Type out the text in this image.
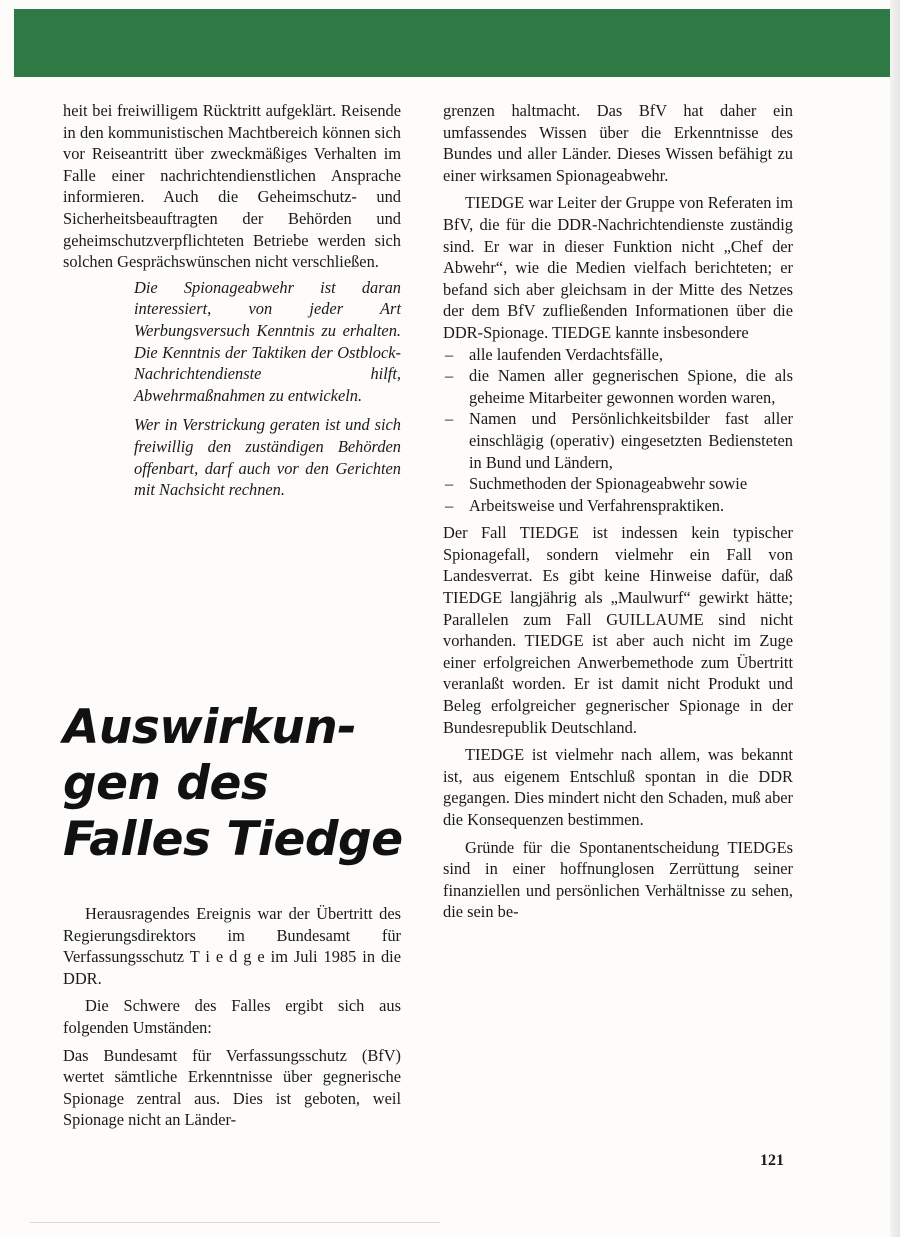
heit bei freiwilligem Rücktritt aufgeklärt. Reisende in den kommunistischen Machtbereich können sich vor Reiseantritt über zweckmäßiges Verhalten im Falle einer nachrichtendienstlichen Ansprache informieren. Auch die Geheimschutz- und Sicherheitsbeauftragten der Behörden und geheimschutzverpflichteten Betriebe werden sich solchen Gesprächswünschen nicht verschließen.

Die Spionageabwehr ist daran interessiert, von jeder Art Werbungsversuch Kenntnis zu erhalten. Die Kenntnis der Taktiken der Ostblock-Nachrichtendienste hilft, Abwehrmaßnahmen zu entwickeln.

Wer in Verstrickung geraten ist und sich freiwillig den zuständigen Behörden offenbart, darf auch vor den Gerichten mit Nachsicht rechnen.

Auswirkun-
gen des
Falles Tiedge

Herausragendes Ereignis war der Übertritt des Regierungsdirektors im Bundesamt für Verfassungsschutz T i e d g e im Juli 1985 in die DDR.

Die Schwere des Falles ergibt sich aus folgenden Umständen:

Das Bundesamt für Verfassungsschutz (BfV) wertet sämtliche Erkenntnisse über gegnerische Spionage zentral aus. Dies ist geboten, weil Spionage nicht an Länder-

grenzen haltmacht. Das BfV hat daher ein umfassendes Wissen über die Erkenntnisse des Bundes und aller Länder. Dieses Wissen befähigt zu einer wirksamen Spionageabwehr.

TIEDGE war Leiter der Gruppe von Referaten im BfV, die für die DDR-Nachrichtendienste zuständig sind. Er war in dieser Funktion nicht „Chef der Abwehr“, wie die Medien vielfach berichteten; er befand sich aber gleichsam in der Mitte des Netzes der dem BfV zufließenden Informationen über die DDR-Spionage. TIEDGE kannte insbesondere

– alle laufenden Verdachtsfälle,
– die Namen aller gegnerischen Spione, die als geheime Mitarbeiter gewonnen worden waren,
– Namen und Persönlichkeitsbilder fast aller einschlägig (operativ) eingesetzten Bediensteten in Bund und Ländern,
– Suchmethoden der Spionageabwehr sowie
– Arbeitsweise und Verfahrenspraktiken.

Der Fall TIEDGE ist indessen kein typischer Spionagefall, sondern vielmehr ein Fall von Landesverrat. Es gibt keine Hinweise dafür, daß TIEDGE langjährig als „Maulwurf“ gewirkt hätte; Parallelen zum Fall GUILLAUME sind nicht vorhanden. TIEDGE ist aber auch nicht im Zuge einer erfolgreichen Anwerbemethode zum Übertritt veranlaßt worden. Er ist damit nicht Produkt und Beleg erfolgreicher gegnerischer Spionage in der Bundesrepublik Deutschland.

TIEDGE ist vielmehr nach allem, was bekannt ist, aus eigenem Entschluß spontan in die DDR gegangen. Dies mindert nicht den Schaden, muß aber die Konsequenzen bestimmen.

Gründe für die Spontanentscheidung TIEDGEs sind in einer hoffnunglosen Zerrüttung seiner finanziellen und persönlichen Verhältnisse zu sehen, die sein be-

121
